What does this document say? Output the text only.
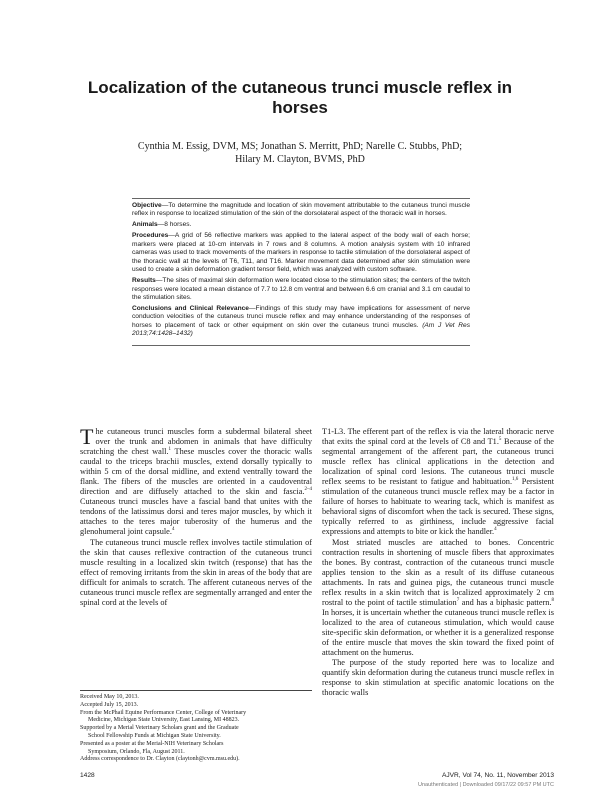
Localization of the cutaneous trunci muscle reflex in horses
Cynthia M. Essig, DVM, MS; Jonathan S. Merritt, PhD; Narelle C. Stubbs, PhD;
Hilary M. Clayton, BVMS, PhD

Objective—To determine the magnitude and location of skin movement attributable to the cutaneus trunci muscle reflex in response to localized stimulation of the skin of the dorsolateral aspect of the thoracic wall in horses.

Animals—8 horses.

Procedures—A grid of 56 reflective markers was applied to the lateral aspect of the body wall of each horse; markers were placed at 10-cm intervals in 7 rows and 8 columns. A motion analysis system with 10 infrared cameras was used to track movements of the markers in response to tactile stimulation of the dorsolateral aspect of the thoracic wall at the levels of T6, T11, and T16. Marker movement data determined after skin stimulation were used to create a skin deformation gradient tensor field, which was analyzed with custom software.

Results—The sites of maximal skin deformation were located close to the stimulation sites; the centers of the twitch responses were located a mean distance of 7.7 to 12.8 cm ventral and between 6.6 cm cranial and 3.1 cm caudal to the stimulation sites.

Conclusions and Clinical Relevance—Findings of this study may have implications for assessment of nerve conduction velocities of the cutaneus trunci muscle reflex and may enhance understanding of the responses of horses to placement of tack or other equipment on skin over the cutaneus trunci muscles. (Am J Vet Res 2013;74:1428–1432)

The cutaneous trunci muscles form a subdermal bilateral sheet over the trunk and abdomen in animals that have difficulty scratching the chest wall.$^1$ These muscles cover the thoracic walls caudal to the triceps brachii muscles, extend dorsally typically to within 5 cm of the dorsal midline, and extend ventrally toward the flank. The fibers of the muscles are oriented in a caudoventral direction and are diffusely attached to the skin and fascia.$^{2-4}$ Cutaneous trunci muscles have a fascial band that unites with the tendons of the latissimus dorsi and teres major muscles, by which it attaches to the teres major tuberosity of the humerus and the glenohumeral joint capsule.$^4$

The cutaneous trunci muscle reflex involves tactile stimulation of the skin that causes reflexive contraction of the cutaneous trunci muscle resulting in a localized skin twitch (response) that has the effect of removing irritants from the skin in areas of the body that are difficult for animals to scratch. The afferent cutaneous nerves of the cutaneous trunci muscle reflex are segmentally arranged and enter the spinal cord at the levels of

T1-L3. The efferent part of the reflex is via the lateral thoracic nerve that exits the spinal cord at the levels of C8 and T1.$^5$ Because of the segmental arrangement of the afferent part, the cutaneous trunci muscle reflex has clinical applications in the detection and localization of spinal cord lesions. The cutaneous trunci muscle reflex seems to be resistant to fatigue and habituation.$^{1,6}$ Persistent stimulation of the cutaneous trunci muscle reflex may be a factor in failure of horses to habituate to wearing tack, which is manifest as behavioral signs of discomfort when the tack is secured. These signs, typically referred to as girthiness, include aggressive facial expressions and attempts to bite or kick the handler.$^4$

Most striated muscles are attached to bones. Concentric contraction results in shortening of muscle fibers that approximates the bones. By contrast, contraction of the cutaneous trunci muscle applies tension to the skin as a result of its diffuse cutaneous attachments. In rats and guinea pigs, the cutaneous trunci muscle reflex results in a skin twitch that is localized approximately 2 cm rostral to the point of tactile stimulation$^7$ and has a biphasic pattern.$^8$ In horses, it is uncertain whether the cutaneous trunci muscle reflex is localized to the area of cutaneous stimulation, which would cause site-specific skin deformation, or whether it is a generalized response of the entire muscle that moves the skin toward the fixed point of attachment on the humerus.

The purpose of the study reported here was to localize and quantify skin deformation during the cutaneus trunci muscle reflex in response to skin stimulation at specific anatomic locations on the thoracic walls

Received May 10, 2013.
Accepted July 15, 2013.
From the McPhail Equine Performance Center, College of Veterinary
Medicine, Michigan State University, East Lansing, MI 48823.
Supported by a Merial Veterinary Scholars grant and the Graduate
School Fellowship Funds at Michigan State University.
Presented as a poster at the Merial-NIH Veterinary Scholars
Symposium, Orlando, Fla, August 2011.
Address correspondence to Dr. Clayton (claytonh@cvm.msu.edu).
1428	AJVR, Vol 74, No. 11, November 2013
Unauthenticated | Downloaded 09/17/22 09:57 PM UTC
